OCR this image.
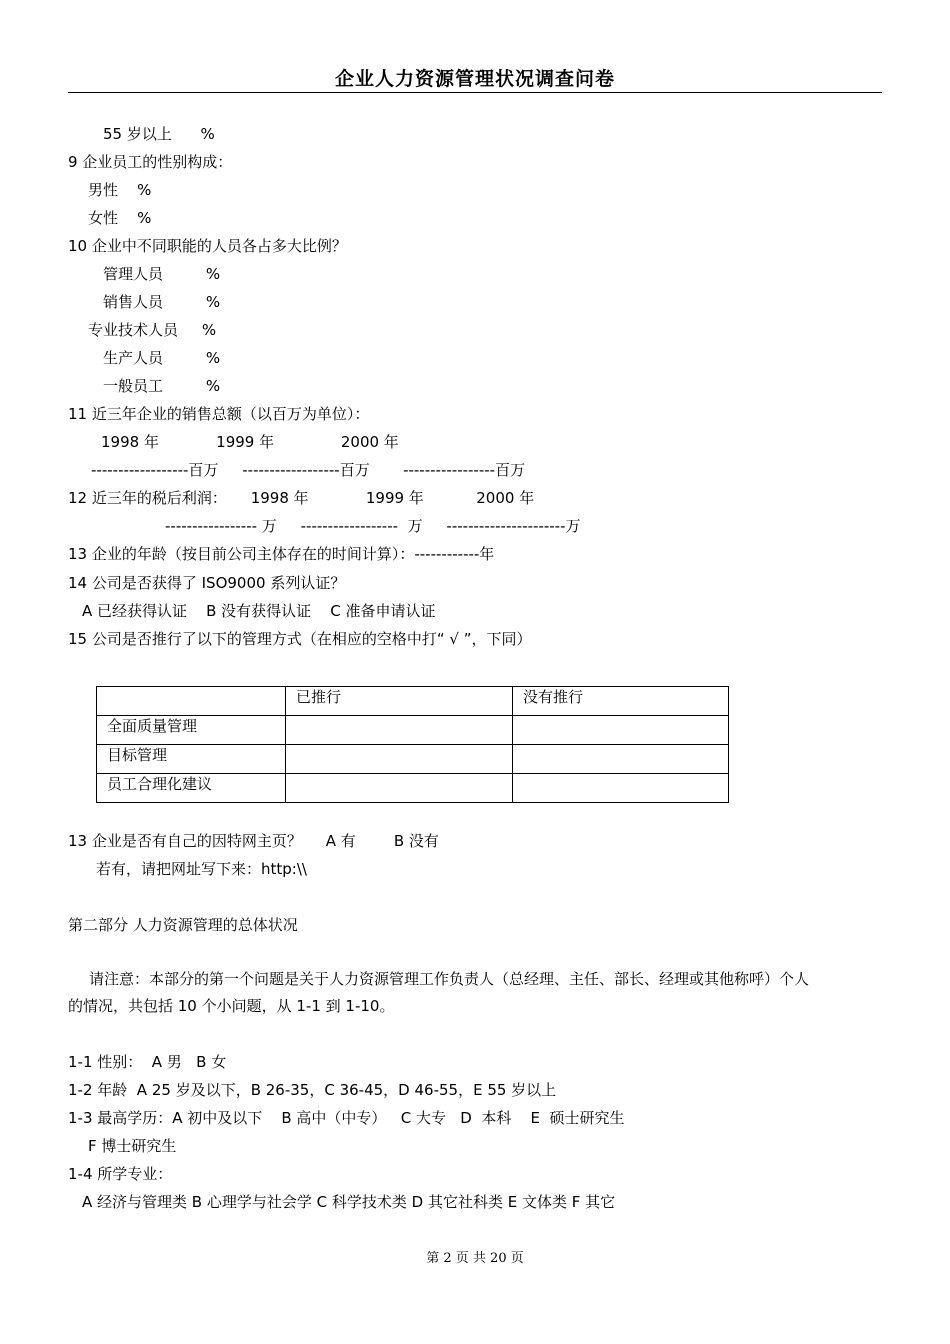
企业人力资源管理状况调查问卷
55 岁以上      %
9 企业员工的性别构成：
男性    %
女性    %
10 企业中不同职能的人员各占多大比例？
管理人员         %
销售人员         %
专业技术人员     %
生产人员         %
一般员工         %
11 近三年企业的销售总额（以百万为单位）：
1998 年            1999 年              2000 年
------------------百万     ------------------百万       -----------------百万
12 近三年的税后利润：     1998 年            1999 年           2000 年
----------------- 万     ------------------  万     ----------------------万
13 企业的年龄（按目前公司主体存在的时间计算）：------------年
14 公司是否获得了 ISO9000 系列认证？
A 已经获得认证    B 没有获得认证    C 准备申请认证
15 公司是否推行了以下的管理方式（在相应的空格中打“ √ ”，下同）
	已推行	没有推行
全面质量管理		
目标管理		
员工合理化建议		
13 企业是否有自己的因特网主页？     A 有        B 没有
若有，请把网址写下来：http:\\
第二部分 人力资源管理的总体状况
请注意：本部分的第一个问题是关于人力资源管理工作负责人（总经理、主任、部长、经理或其他称呼）个人
的情况，共包括 10 个小问题，从 1-1 到 1-10。
1-1 性别：  A 男   B 女
1-2 年龄  A 25 岁及以下，B 26-35，C 36-45，D 46-55，E 55 岁以上
1-3 最高学历：A 初中及以下    B 高中（中专）   C 大专   D  本科    E  硕士研究生
F 博士研究生
1-4 所学专业：
A 经济与管理类 B 心理学与社会学 C 科学技术类 D 其它社科类 E 文体类 F 其它
第 2 页 共 20 页
